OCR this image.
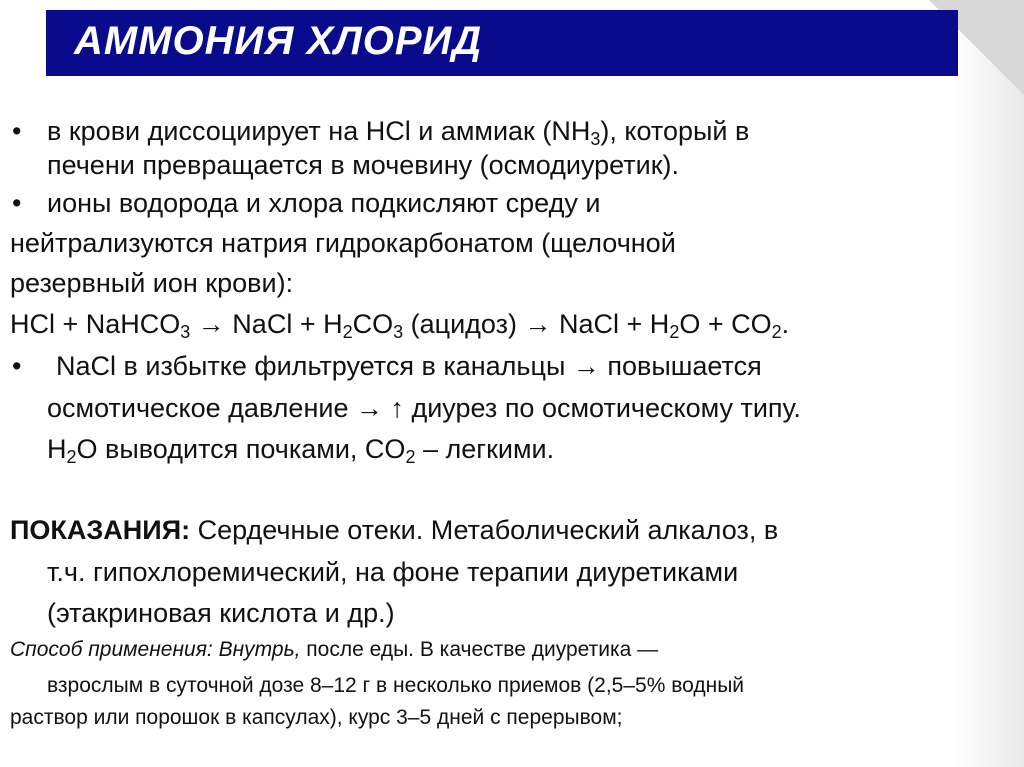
АММОНИЯ ХЛОРИД
• в крови диссоциирует на HCl и аммиак $(NH_3)$, который в
печени превращается в мочевину (осмодиуретик).
• ионы водорода и хлора подкисляют среду и
нейтрализуются натрия гидрокарбонатом (щелочной
резервный ион крови):
HCl + NaHCO$_3$ → NaCl + $H_2CO_3$ (ацидоз) → NaCl + $H_2O + CO_2$.
• NaCl в избытке фильтруется в канальцы → повышается
осмотическое давление → ↑ диурез по осмотическому типу.
$H_2O$ выводится почками, $CO_2$ – легкими.
ПОКАЗАНИЯ: Сердечные отеки. Метаболический алкалоз, в
т.ч. гипохлоремический, на фоне терапии диуретиками
(этакриновая кислота и др.)
Способ применения: Внутрь, после еды. В качестве диуретика —
взрослым в суточной дозе 8–12 г в несколько приемов (2,5–5% водный
раствор или порошок в капсулах), курс 3–5 дней с перерывом;
